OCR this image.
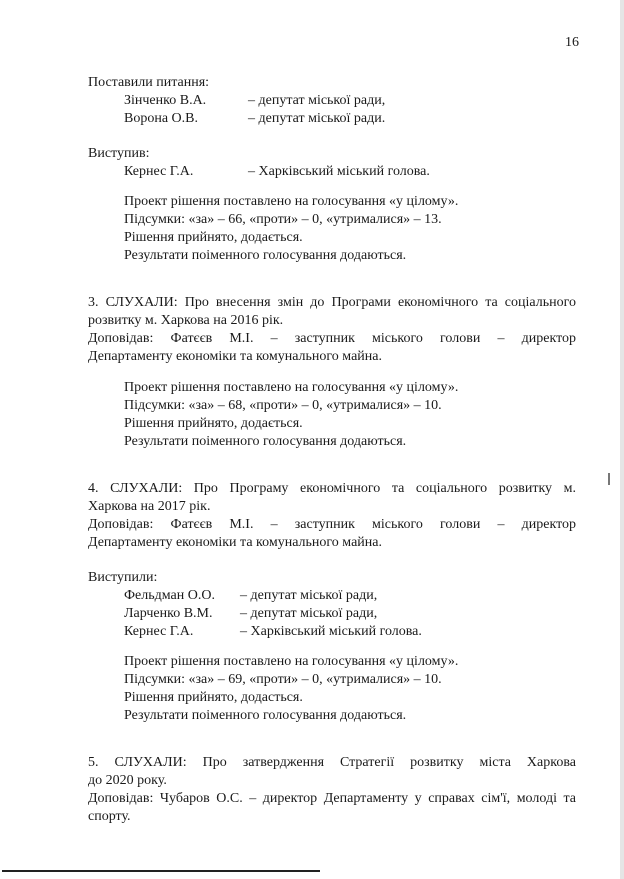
16
Поставили питання:
Зінченко В.А.	– депутат міської ради,
Ворона О.В.	– депутат міської ради.
Виступив:
Кернес Г.А.	– Харківський міський голова.
Проект рішення поставлено на голосування «у цілому».
Підсумки: «за» – 66, «проти» – 0, «утрималися» – 13.
Рішення прийнято, додається.
Результати поіменного голосування додаються.
3. СЛУХАЛИ: Про внесення змін до Програми економічного та соціального
розвитку м. Харкова на 2016 рік.
Доповідав: Фатєєв М.І. – заступник міського голови – директор
Департаменту економіки та комунального майна.
Проект рішення поставлено на голосування «у цілому».
Підсумки: «за» – 68, «проти» – 0, «утрималися» – 10.
Рішення прийнято, додається.
Результати поіменного голосування додаються.
4. СЛУХАЛИ: Про Програму економічного та соціального розвитку м.
Харкова на 2017 рік.
Доповідав: Фатєєв М.І. – заступник міського голови – директор
Департаменту економіки та комунального майна.
Виступили:
Фельдман О.О. – депутат міської ради,
Ларченко В.М. – депутат міської ради,
Кернес Г.А.	– Харківський міський голова.
Проект рішення поставлено на голосування «у цілому».
Підсумки: «за» – 69, «проти» – 0, «утрималися» – 10.
Рішення прийнято, додасться.
Результати поіменного голосування додаються.
5. СЛУХАЛИ: Про затвердження Стратегії розвитку міста Харкова
до 2020 року.
Доповідав: Чубаров О.С. – директор Департаменту у справах сім'ї, молоді та
спорту.
